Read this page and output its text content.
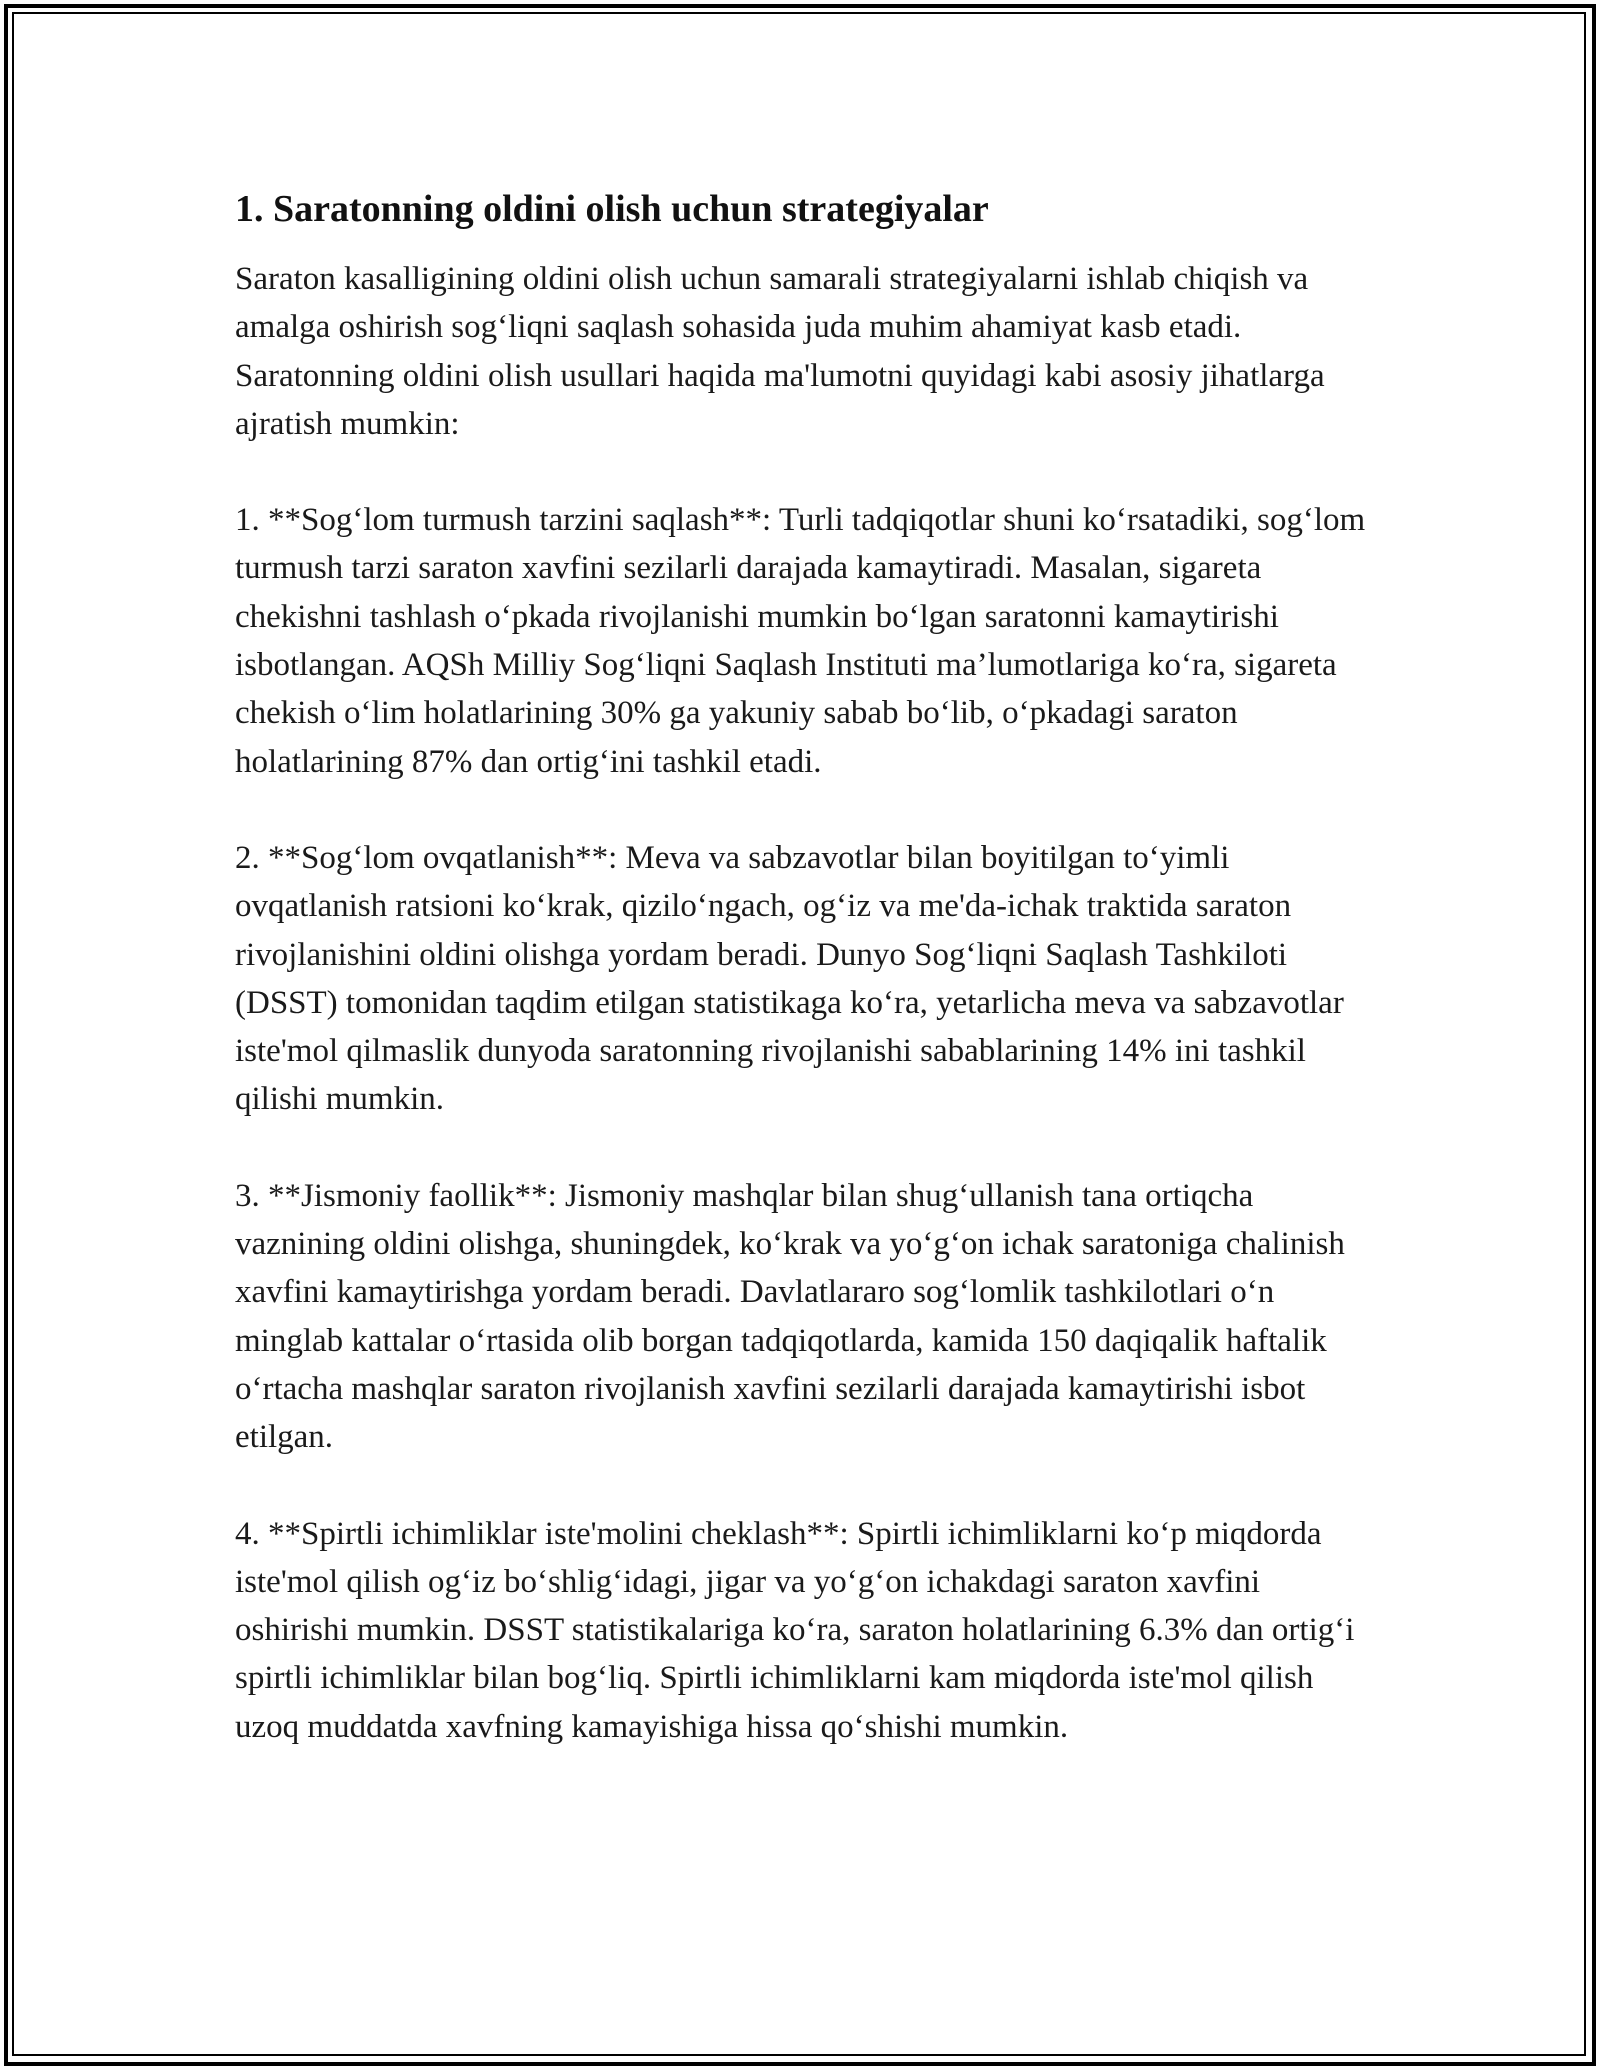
1. Saratonning oldini olish uchun strategiyalar

Saraton kasalligining oldini olish uchun samarali strategiyalarni ishlab chiqish va amalga oshirish sog‘liqni saqlash sohasida juda muhim ahamiyat kasb etadi. Saratonning oldini olish usullari haqida ma'lumotni quyidagi kabi asosiy jihatlarga ajratish mumkin:

1. **Sog‘lom turmush tarzini saqlash**: Turli tadqiqotlar shuni ko‘rsatadiki, sog‘lom turmush tarzi saraton xavfini sezilarli darajada kamaytiradi. Masalan, sigareta chekishni tashlash o‘pkada rivojlanishi mumkin bo‘lgan saratonni kamaytirishi isbotlangan. AQSh Milliy Sog‘liqni Saqlash Instituti ma’lumotlariga ko‘ra, sigareta chekish o‘lim holatlarining 30% ga yakuniy sabab bo‘lib, o‘pkadagi saraton holatlarining 87% dan ortig‘ini tashkil etadi.

2. **Sog‘lom ovqatlanish**: Meva va sabzavotlar bilan boyitilgan to‘yimli ovqatlanish ratsioni ko‘krak, qizilo‘ngach, og‘iz va me'da-ichak traktida saraton rivojlanishini oldini olishga yordam beradi. Dunyo Sog‘liqni Saqlash Tashkiloti (DSST) tomonidan taqdim etilgan statistikaga ko‘ra, yetarlicha meva va sabzavotlar iste'mol qilmaslik dunyoda saratonning rivojlanishi sabablarining 14% ini tashkil qilishi mumkin.

3. **Jismoniy faollik**: Jismoniy mashqlar bilan shug‘ullanish tana ortiqcha vaznining oldini olishga, shuningdek, ko‘krak va yo‘g‘on ichak saratoniga chalinish xavfini kamaytirishga yordam beradi. Davlatlararo sog‘lomlik tashkilotlari o‘n minglab kattalar o‘rtasida olib borgan tadqiqotlarda, kamida 150 daqiqalik haftalik o‘rtacha mashqlar saraton rivojlanish xavfini sezilarli darajada kamaytirishi isbot etilgan.

4. **Spirtli ichimliklar iste'molini cheklash**: Spirtli ichimliklarni ko‘p miqdorda iste'mol qilish og‘iz bo‘shlig‘idagi, jigar va yo‘g‘on ichakdagi saraton xavfini oshirishi mumkin. DSST statistikalariga ko‘ra, saraton holatlarining 6.3% dan ortig‘i spirtli ichimliklar bilan bog‘liq. Spirtli ichimliklarni kam miqdorda iste'mol qilish uzoq muddatda xavfning kamayishiga hissa qo‘shishi mumkin.
